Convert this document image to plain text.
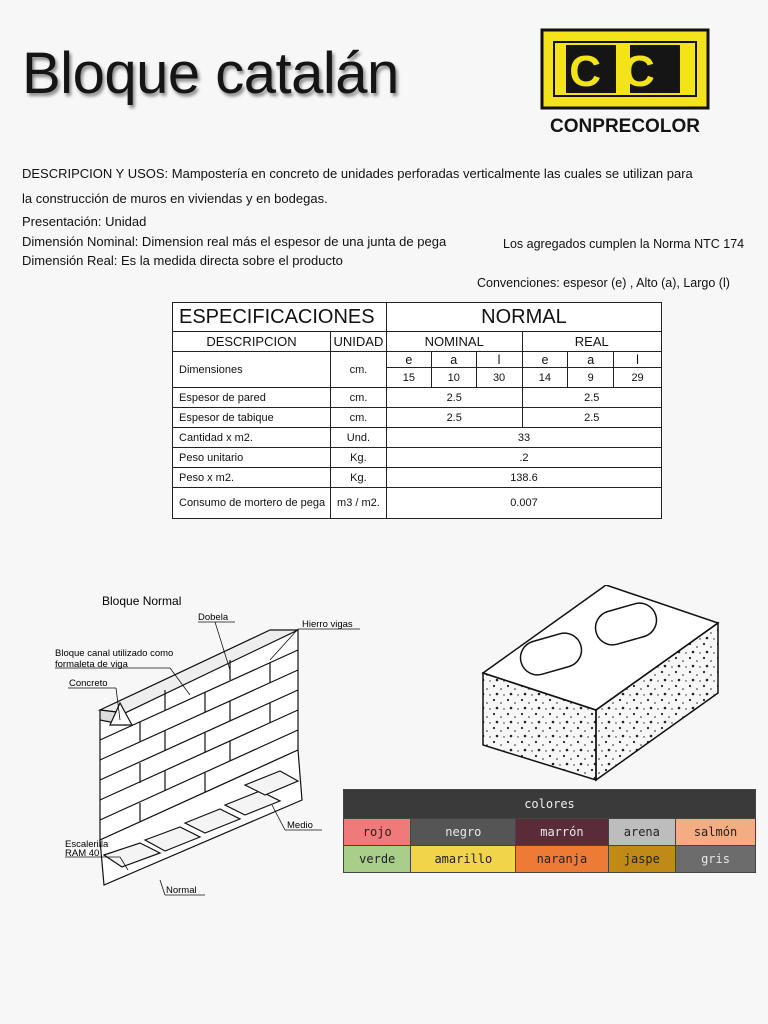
Bloque catalán	CC
CONPRECOLOR
DESCRIPCION Y USOS: Mampostería en concreto de unidades perforadas verticalmente las cuales se utilizan para
la construcción de muros en viviendas y en bodegas.
Presentación: Unidad
Dimensión Nominal: Dimension real más el espesor de una junta de pega
Dimensión Real: Es la medida directa sobre el producto
Los agregados cumplen la Norma NTC 174
Convenciones: espesor (e) , Alto (a), Largo (l)
ESPECIFICACIONES		NORMAL					
DESCRIPCION	UNIDAD	NOMINAL			REAL		
Dimensiones	cm.	e	a	l	e	a	l
		15	10	30	14	9	29
Espesor de pared	cm.	2.5			2.5		
Espesor de tabique	cm.	2.5			2.5		
Cantidad x m2.	Und.	33					
Peso unitario	Kg.	.2					
Peso x m2.	Kg.	138.6					
Consumo de mortero de pega	m3 / m2.	0.007					
Bloque Normal
Dobela
Hierro vigas
Bloque canal utilizado como
formaleta de viga
Concreto
Medio
Escalerilla
RAM 40
Normal
colores				
rojo	negro	marrón	arena	salmón
verde	amarillo	naranja	jaspe	gris
